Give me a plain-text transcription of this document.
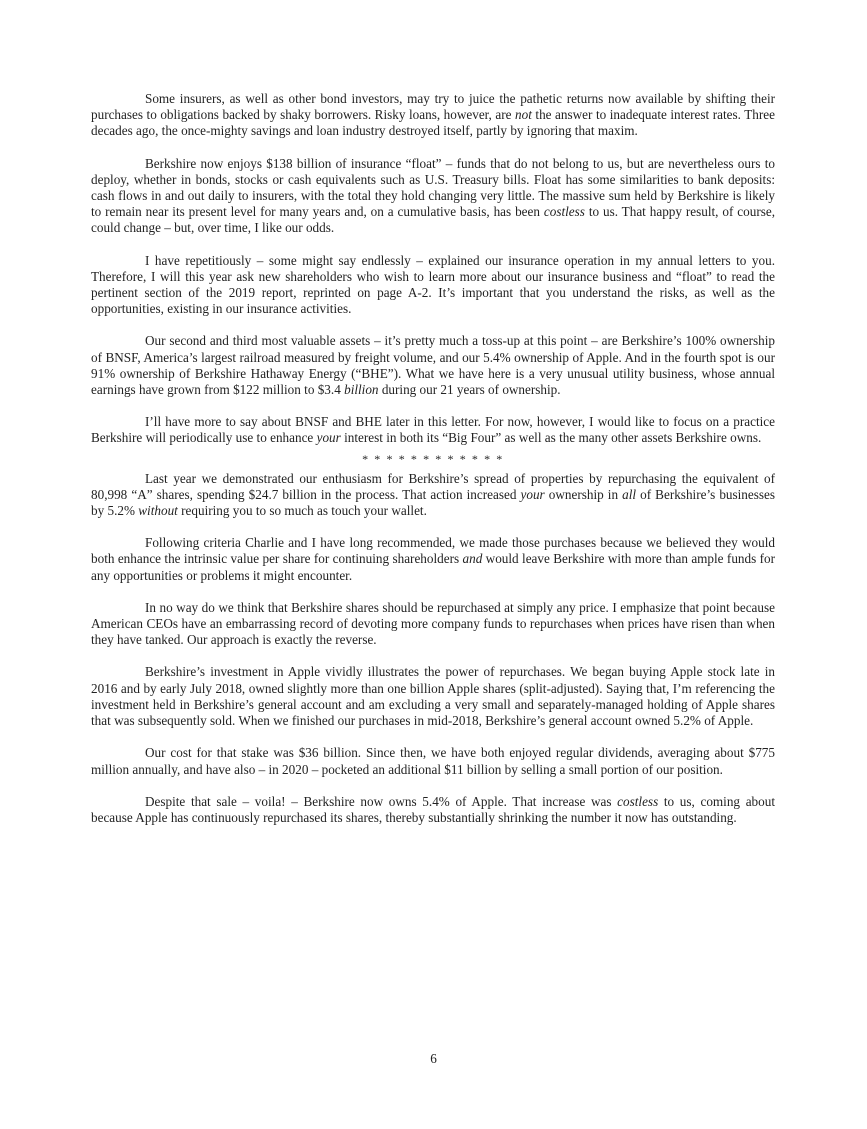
Some insurers, as well as other bond investors, may try to juice the pathetic returns now available by shifting their purchases to obligations backed by shaky borrowers. Risky loans, however, are not the answer to inadequate interest rates. Three decades ago, the once-mighty savings and loan industry destroyed itself, partly by ignoring that maxim.

Berkshire now enjoys $138 billion of insurance “float” – funds that do not belong to us, but are nevertheless ours to deploy, whether in bonds, stocks or cash equivalents such as U.S. Treasury bills. Float has some similarities to bank deposits: cash flows in and out daily to insurers, with the total they hold changing very little. The massive sum held by Berkshire is likely to remain near its present level for many years and, on a cumulative basis, has been costless to us. That happy result, of course, could change – but, over time, I like our odds.

I have repetitiously – some might say endlessly – explained our insurance operation in my annual letters to you. Therefore, I will this year ask new shareholders who wish to learn more about our insurance business and “float” to read the pertinent section of the 2019 report, reprinted on page A-2. It’s important that you understand the risks, as well as the opportunities, existing in our insurance activities.

Our second and third most valuable assets – it’s pretty much a toss-up at this point – are Berkshire’s 100% ownership of BNSF, America’s largest railroad measured by freight volume, and our 5.4% ownership of Apple. And in the fourth spot is our 91% ownership of Berkshire Hathaway Energy (“BHE”). What we have here is a very unusual utility business, whose annual earnings have grown from $122 million to $3.4 billion during our 21 years of ownership.

I’ll have more to say about BNSF and BHE later in this letter. For now, however, I would like to focus on a practice Berkshire will periodically use to enhance your interest in both its “Big Four” as well as the many other assets Berkshire owns.

* * * * * * * * * * * *

Last year we demonstrated our enthusiasm for Berkshire’s spread of properties by repurchasing the equivalent of 80,998 “A” shares, spending $24.7 billion in the process. That action increased your ownership in all of Berkshire’s businesses by 5.2% without requiring you to so much as touch your wallet.

Following criteria Charlie and I have long recommended, we made those purchases because we believed they would both enhance the intrinsic value per share for continuing shareholders and would leave Berkshire with more than ample funds for any opportunities or problems it might encounter.

In no way do we think that Berkshire shares should be repurchased at simply any price. I emphasize that point because American CEOs have an embarrassing record of devoting more company funds to repurchases when prices have risen than when they have tanked. Our approach is exactly the reverse.

Berkshire’s investment in Apple vividly illustrates the power of repurchases. We began buying Apple stock late in 2016 and by early July 2018, owned slightly more than one billion Apple shares (split-adjusted). Saying that, I’m referencing the investment held in Berkshire’s general account and am excluding a very small and separately-managed holding of Apple shares that was subsequently sold. When we finished our purchases in mid-2018, Berkshire’s general account owned 5.2% of Apple.

Our cost for that stake was $36 billion. Since then, we have both enjoyed regular dividends, averaging about $775 million annually, and have also – in 2020 – pocketed an additional $11 billion by selling a small portion of our position.

Despite that sale – voila! – Berkshire now owns 5.4% of Apple. That increase was costless to us, coming about because Apple has continuously repurchased its shares, thereby substantially shrinking the number it now has outstanding.

6
